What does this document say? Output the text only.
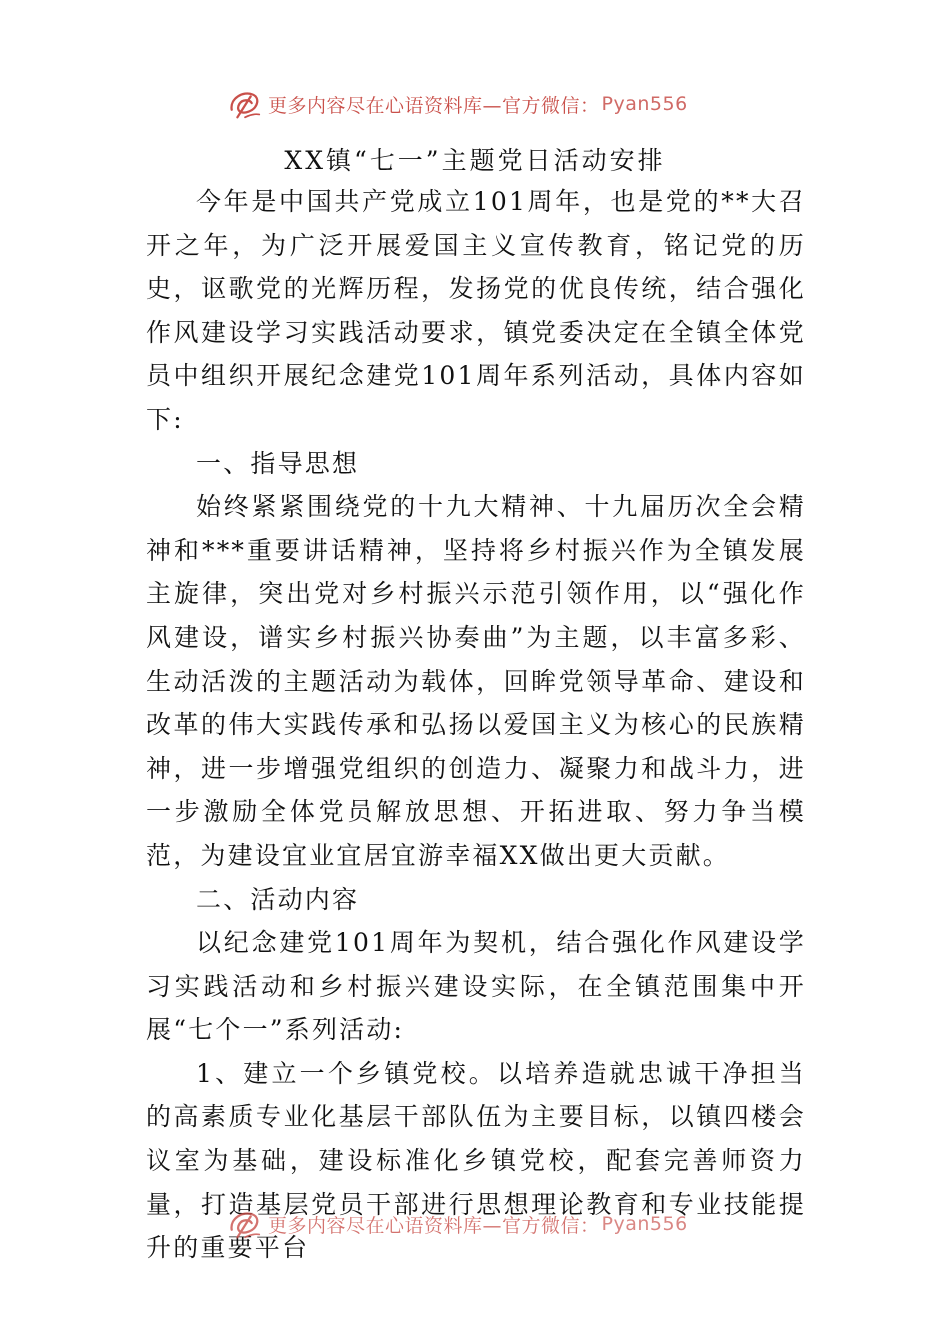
更多内容尽在心语资料库—官方微信： Pyan556
XX镇“七一”主题党日活动安排

今年是中国共产党成立101周年，也是党的**大召开之年，为广泛开展爱国主义宣传教育，铭记党的历史，讴歌党的光辉历程，发扬党的优良传统，结合强化作风建设学习实践活动要求，镇党委决定在全镇全体党员中组织开展纪念建党101周年系列活动，具体内容如下:

一、指导思想

始终紧紧围绕党的十九大精神、十九届历次全会精神和***重要讲话精神，坚持将乡村振兴作为全镇发展主旋律，突出党对乡村振兴示范引领作用，以“强化作风建设，谱实乡村振兴协奏曲”为主题，以丰富多彩、生动活泼的主题活动为载体，回眸党领导革命、建设和改革的伟大实践传承和弘扬以爱国主义为核心的民族精神，进一步增强党组织的创造力、凝聚力和战斗力，进一步激励全体党员解放思想、开拓进取、努力争当模范，为建设宜业宜居宜游幸福XX做出更大贡献。

二、活动内容

以纪念建党101周年为契机，结合强化作风建设学习实践活动和乡村振兴建设实际，在全镇范围集中开展“七个一”系列活动:

1、建立一个乡镇党校。以培养造就忠诚干净担当的高素质专业化基层干部队伍为主要目标，以镇四楼会议室为基础，建设标准化乡镇党校，配套完善师资力量，打造基层党员干部进行思想理论教育和专业技能提升的重要平台

更多内容尽在心语资料库—官方微信： Pyan556
